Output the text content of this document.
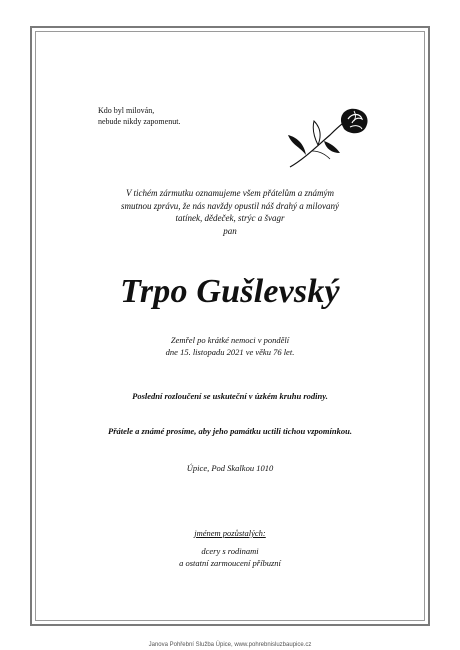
Kdo byl milován,
nebude nikdy zapomenut.
V tichém zármutku oznamujeme všem přátelům a známým
smutnou zprávu, že nás navždy opustil náš drahý a milovaný
tatínek, dědeček, strýc a švagr
pan
Trpo Gušlevský
Zemřel po krátké nemoci v pondělí
dne 15. listopadu 2021 ve věku 76 let.
Poslední rozloučení se uskuteční v úzkém kruhu rodiny.
Přátele a známé prosíme, aby jeho památku uctili tichou vzpomínkou.
Úpice, Pod Skalkou 1010
jménem pozůstalých:
dcery s rodinami
a ostatní zarmoucení příbuzní
Janova Pohřební Služba Úpice, www.pohrebnisluzbaupice.cz
